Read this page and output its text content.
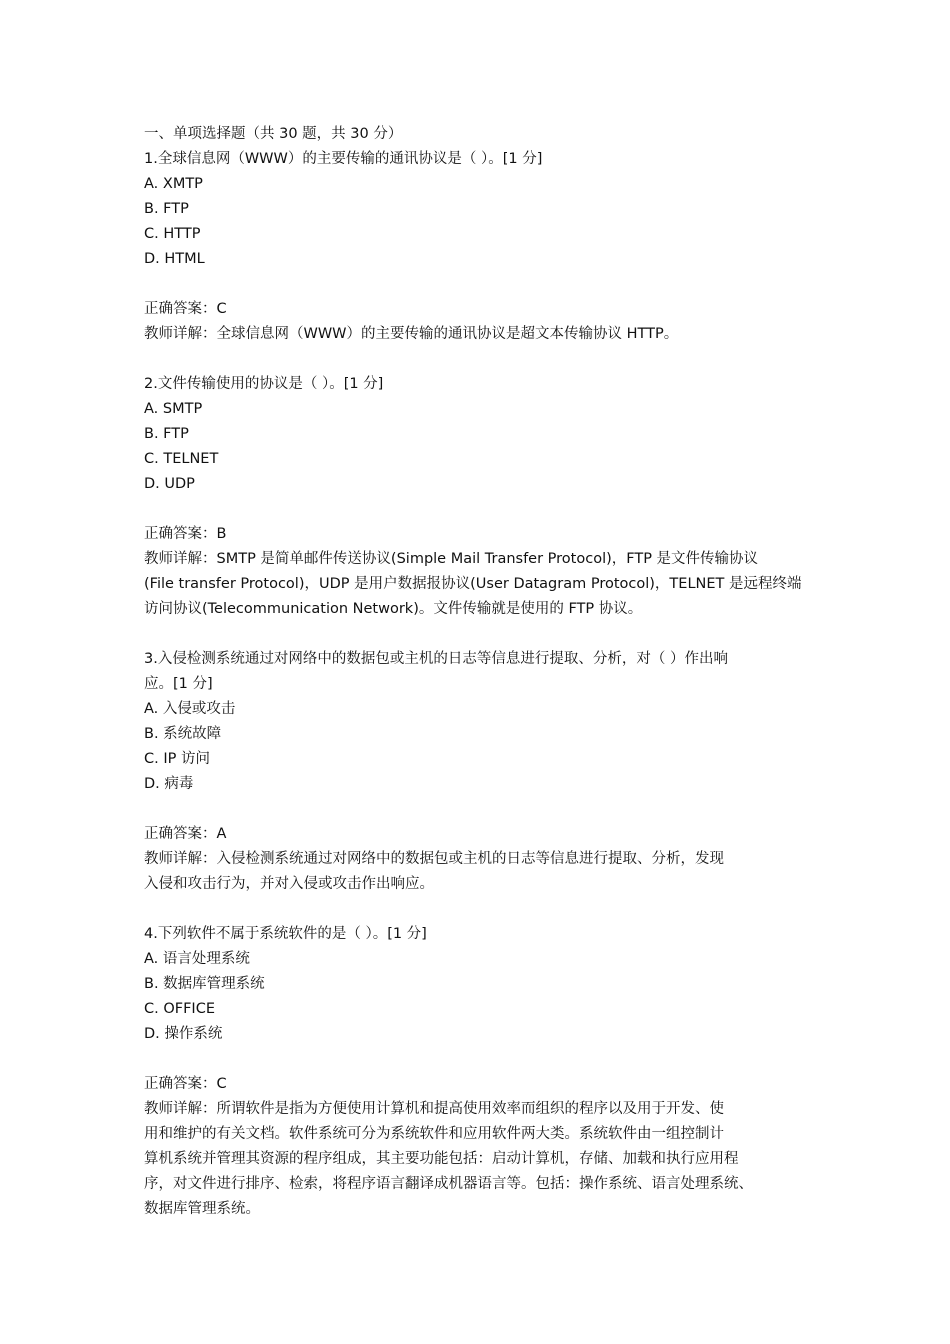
一、单项选择题（共 30 题，共 30 分）
1.全球信息网（WWW）的主要传输的通讯协议是（ ）。[1 分]
A. XMTP
B. FTP
C. HTTP
D. HTML
正确答案：C
教师详解：全球信息网（WWW）的主要传输的通讯协议是超文本传输协议 HTTP。
2.文件传输使用的协议是（ ）。[1 分]
A. SMTP
B. FTP
C. TELNET
D. UDP
正确答案：B
教师详解：SMTP 是简单邮件传送协议(Simple Mail Transfer Protocol)，FTP 是文件传输协议
(File transfer Protocol)，UDP 是用户数据报协议(User Datagram Protocol)，TELNET 是远程终端
访问协议(Telecommunication Network)。文件传输就是使用的 FTP 协议。
3.入侵检测系统通过对网络中的数据包或主机的日志等信息进行提取、分析，对（ ）作出响
应。[1 分]
A. 入侵或攻击
B. 系统故障
C. IP 访问
D. 病毒
正确答案：A
教师详解：入侵检测系统通过对网络中的数据包或主机的日志等信息进行提取、分析，发现
入侵和攻击行为，并对入侵或攻击作出响应。
4.下列软件不属于系统软件的是（ ）。[1 分]
A. 语言处理系统
B. 数据库管理系统
C. OFFICE
D. 操作系统
正确答案：C
教师详解：所谓软件是指为方便使用计算机和提高使用效率而组织的程序以及用于开发、使
用和维护的有关文档。软件系统可分为系统软件和应用软件两大类。系统软件由一组控制计
算机系统并管理其资源的程序组成，其主要功能包括：启动计算机，存储、加载和执行应用程
序，对文件进行排序、检索，将程序语言翻译成机器语言等。包括：操作系统、语言处理系统、
数据库管理系统。
